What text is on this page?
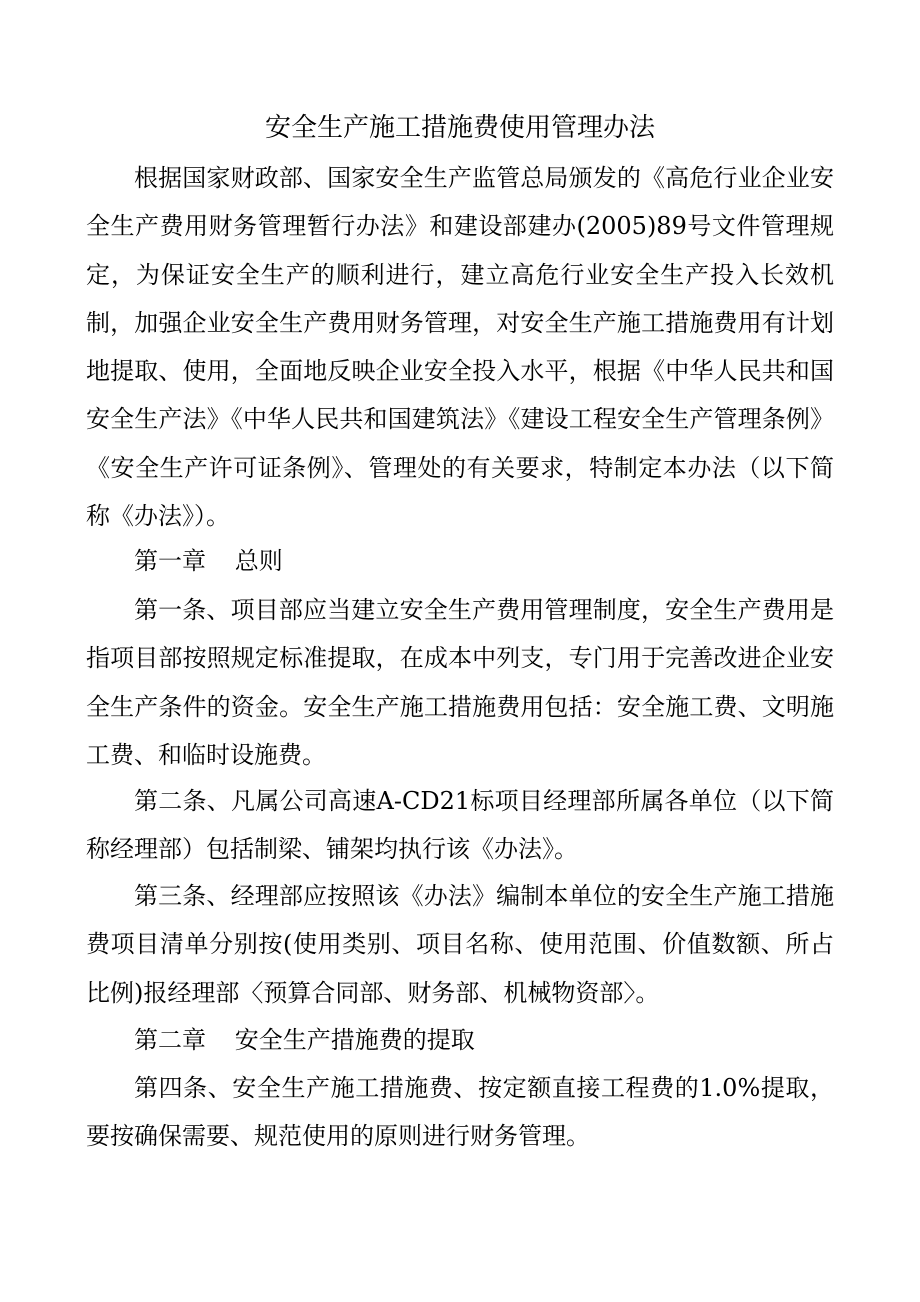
安全生产施工措施费使用管理办法

根据国家财政部、国家安全生产监管总局颁发的《高危行业企业安全生产费用财务管理暂行办法》和建设部建办(2005)89号文件管理规定，为保证安全生产的顺利进行，建立高危行业安全生产投入长效机制，加强企业安全生产费用财务管理，对安全生产施工措施费用有计划地提取、使用，全面地反映企业安全投入水平，根据《中华人民共和国安全生产法》《中华人民共和国建筑法》《建设工程安全生产管理条例》《安全生产许可证条例》、管理处的有关要求，特制定本办法（以下简称《办法》）。

第一章 总则

第一条、项目部应当建立安全生产费用管理制度，安全生产费用是指项目部按照规定标准提取，在成本中列支，专门用于完善改进企业安全生产条件的资金。安全生产施工措施费用包括：安全施工费、文明施工费、和临时设施费。

第二条、凡属公司高速A-CD21标项目经理部所属各单位（以下简称经理部）包括制梁、铺架均执行该《办法》。

第三条、经理部应按照该《办法》编制本单位的安全生产施工措施费项目清单分别按(使用类别、项目名称、使用范围、价值数额、所占比例)报经理部〈预算合同部、财务部、机械物资部〉。

第二章 安全生产措施费的提取

第四条、安全生产施工措施费、按定额直接工程费的1.0%提取，要按确保需要、规范使用的原则进行财务管理。
